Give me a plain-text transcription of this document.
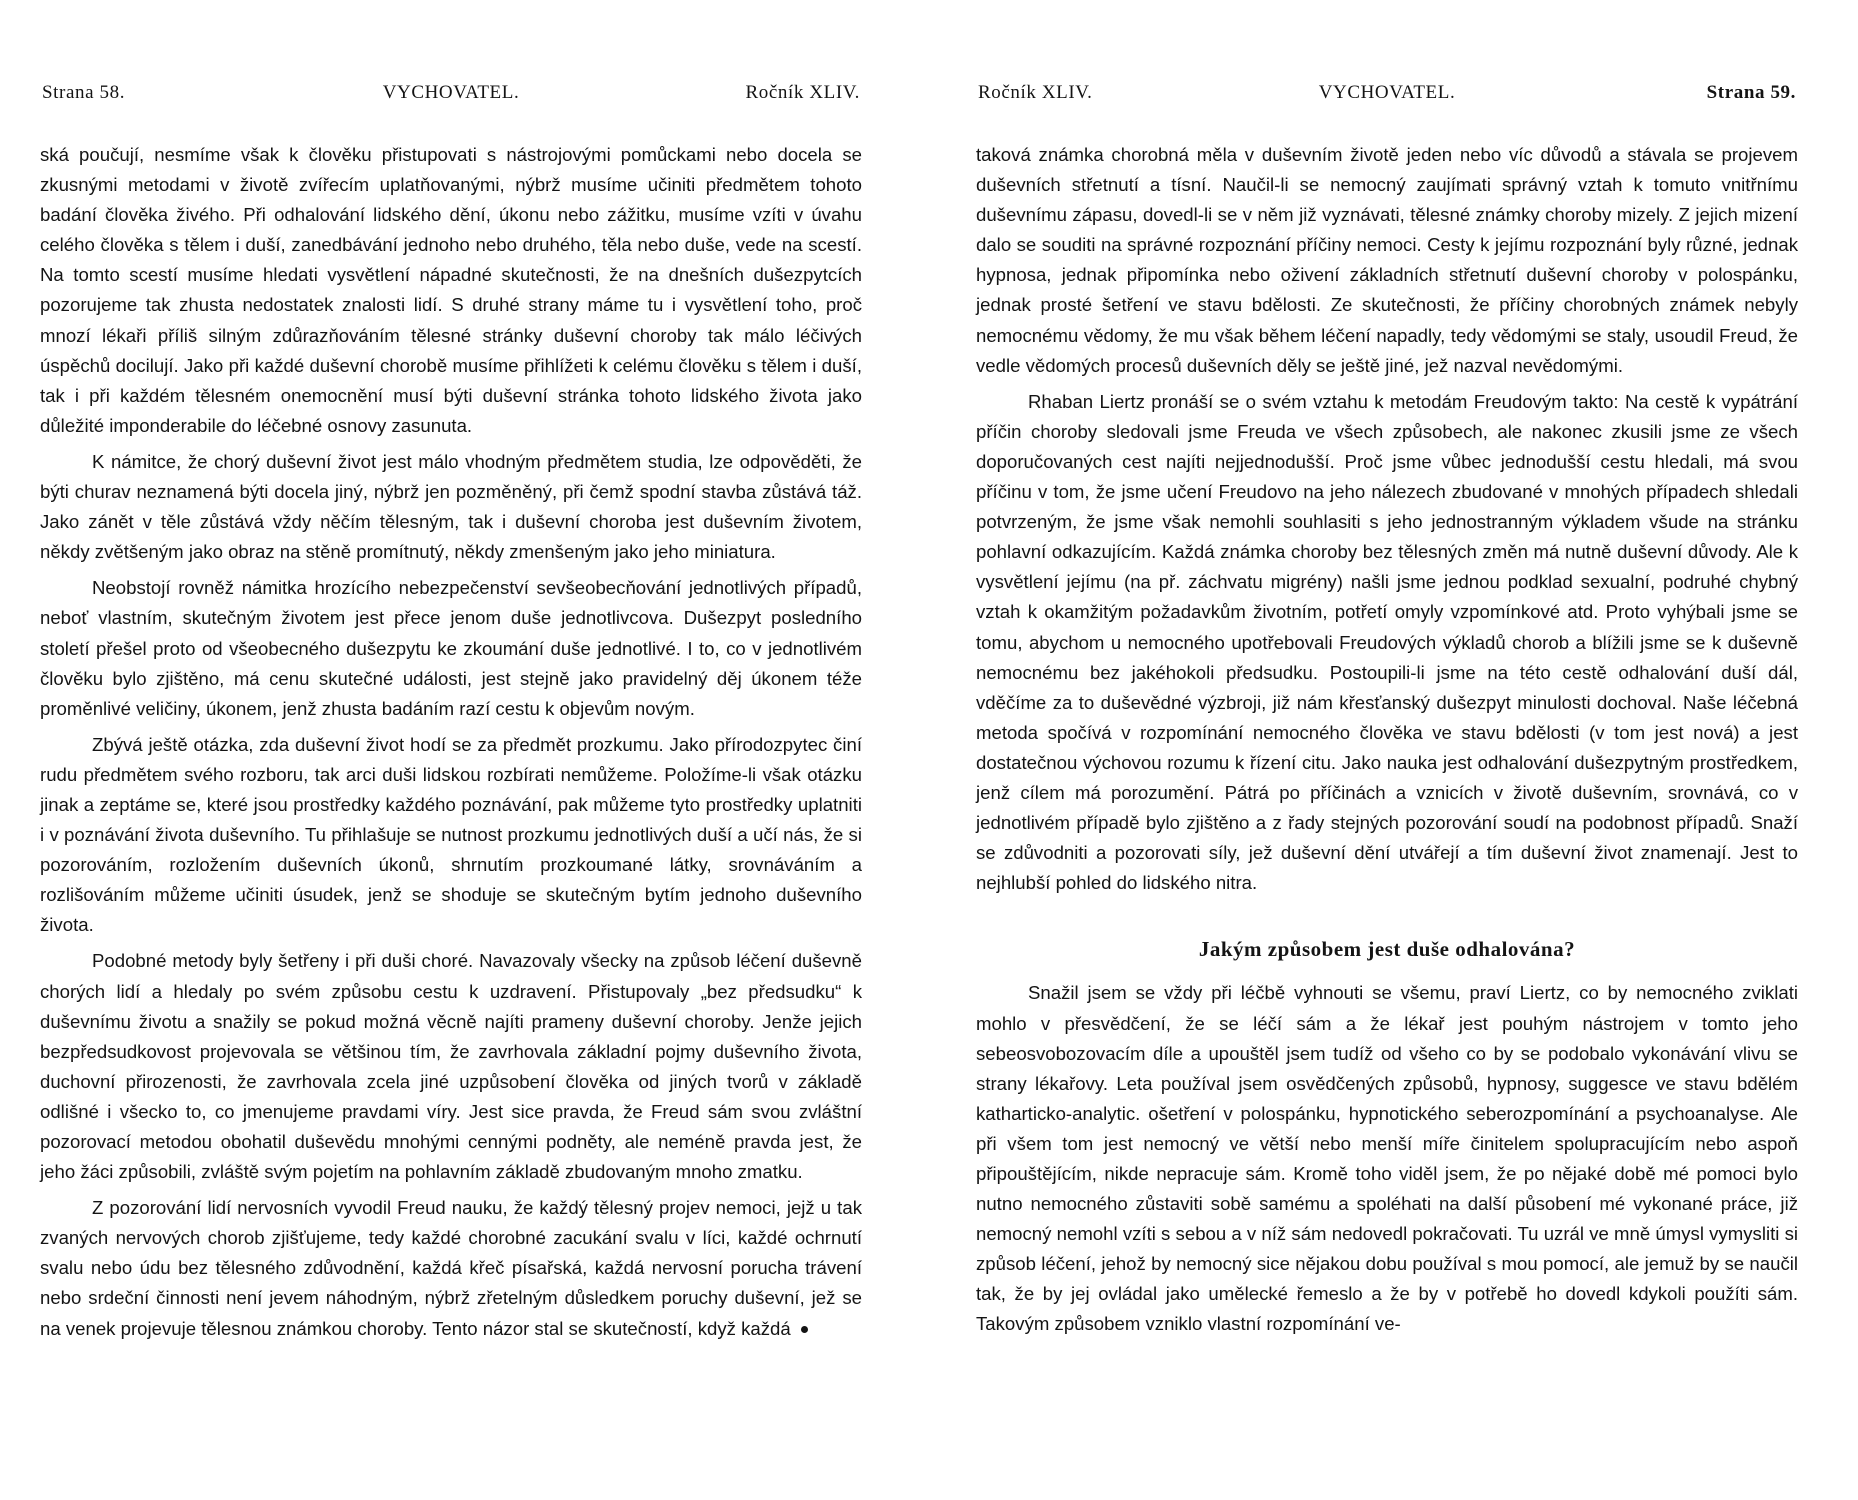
Strana 58.	VYCHOVATEL.	Ročník XLIV.

ská poučují, nesmíme však k člověku přistupovati s nástrojovými pomůckami nebo docela se zkusnými metodami v životě zvířecím uplatňovanými, nýbrž musíme učiniti předmětem tohoto badání člověka živého. Při odhalování lidského dění, úkonu nebo zážitku, musíme vzíti v úvahu celého člověka s tělem i duší, zanedbávání jednoho nebo druhého, těla nebo duše, vede na scestí. Na tomto scestí musíme hledati vysvětlení nápadné skutečnosti, že na dnešních dušezpytcích pozorujeme tak zhusta nedostatek znalosti lidí. S druhé strany máme tu i vysvětlení toho, proč mnozí lékaři příliš silným zdůrazňováním tělesné stránky duševní choroby tak málo léčivých úspěchů docilují. Jako při každé duševní chorobě musíme přihlížeti k celému člověku s tělem i duší, tak i při každém tělesném onemocnění musí býti duševní stránka tohoto lidského života jako důležité imponderabile do léčebné osnovy zasunuta.

K námitce, že chorý duševní život jest málo vhodným předmětem studia, lze odpověděti, že býti churav neznamená býti docela jiný, nýbrž jen pozměněný, při čemž spodní stavba zůstává táž. Jako zánět v těle zůstává vždy něčím tělesným, tak i duševní choroba jest duševním životem, někdy zvětšeným jako obraz na stěně promítnutý, někdy zmenšeným jako jeho miniatura.

Neobstojí rovněž námitka hrozícího nebezpečenství sevšeobecňování jednotlivých případů, neboť vlastním, skutečným životem jest přece jenom duše jednotlivcova. Dušezpyt posledního století přešel proto od všeobecného dušezpytu ke zkoumání duše jednotlivé. I to, co v jednotlivém člověku bylo zjištěno, má cenu skutečné události, jest stejně jako pravidelný děj úkonem téže proměnlivé veličiny, úkonem, jenž zhusta badáním razí cestu k objevům novým.

Zbývá ještě otázka, zda duševní život hodí se za předmět prozkumu. Jako přírodozpytec činí rudu předmětem svého rozboru, tak arci duši lidskou rozbírati nemůžeme. Položíme-li však otázku jinak a zeptáme se, které jsou prostředky každého poznávání, pak můžeme tyto prostředky uplatniti i v poznávání života duševního. Tu přihlašuje se nutnost prozkumu jednotlivých duší a učí nás, že si pozorováním, rozložením duševních úkonů, shrnutím prozkoumané látky, srovnáváním a rozlišováním můžeme učiniti úsudek, jenž se shoduje se skutečným bytím jednoho duševního života.

Podobné metody byly šetřeny i při duši choré. Navazovaly všecky na způsob léčení duševně chorých lidí a hledaly po svém způsobu cestu k uzdravení. Přistupovaly „bez předsudku“ k duševnímu životu a snažily se pokud možná věcně najíti prameny duševní choroby. Jenže jejich bezpředsudkovost projevovala se většinou tím, že zavrhovala základní pojmy duševního života, duchovní přirozenosti, že zavrhovala zcela jiné uzpůsobení člověka od jiných tvorů v základě odlišné i všecko to, co jmenujeme pravdami víry. Jest sice pravda, že Freud sám svou zvláštní pozorovací metodou obohatil duševědu mnohými cennými podněty, ale neméně pravda jest, že jeho žáci způsobili, zvláště svým pojetím na pohlavním základě zbudovaným mnoho zmatku.

Z pozorování lidí nervosních vyvodil Freud nauku, že každý tělesný projev nemoci, jejž u tak zvaných nervových chorob zjišťujeme, tedy každé chorobné zacukání svalu v líci, každé ochrnutí svalu nebo údu bez tělesného zdůvodnění, každá křeč písařská, každá nervosní porucha trávení nebo srdeční činnosti není jevem náhodným, nýbrž zřetelným důsledkem poruchy duševní, jež se na venek projevuje tělesnou známkou choroby. Tento názor stal se skutečností, když každá

Ročník XLIV.	VYCHOVATEL.	Strana 59.

taková známka chorobná měla v duševním životě jeden nebo víc důvodů a stávala se projevem duševních střetnutí a tísní. Naučil-li se nemocný zaujímati správný vztah k tomuto vnitřnímu duševnímu zápasu, dovedl-li se v něm již vyznávati, tělesné známky choroby mizely. Z jejich mizení dalo se souditi na správné rozpoznání příčiny nemoci. Cesty k jejímu rozpoznání byly různé, jednak hypnosa, jednak připomínka nebo oživení základních střetnutí duševní choroby v polospánku, jednak prosté šetření ve stavu bdělosti. Ze skutečnosti, že příčiny chorobných známek nebyly nemocnému vědomy, že mu však během léčení napadly, tedy vědomými se staly, usoudil Freud, že vedle vědomých procesů duševních děly se ještě jiné, jež nazval nevědomými.

Rhaban Liertz pronáší se o svém vztahu k metodám Freudovým takto: Na cestě k vypátrání příčin choroby sledovali jsme Freuda ve všech způsobech, ale nakonec zkusili jsme ze všech doporučovaných cest najíti nejjednodušší. Proč jsme vůbec jednodušší cestu hledali, má svou příčinu v tom, že jsme učení Freudovo na jeho nálezech zbudované v mnohých případech shledali potvrzeným, že jsme však nemohli souhlasiti s jeho jednostranným výkladem všude na stránku pohlavní odkazujícím. Každá známka choroby bez tělesných změn má nutně duševní důvody. Ale k vysvětlení jejímu (na př. záchvatu migrény) našli jsme jednou podklad sexualní, podruhé chybný vztah k okamžitým požadavkům životním, potřetí omyly vzpomínkové atd. Proto vyhýbali jsme se tomu, abychom u nemocného upotřebovali Freudových výkladů chorob a blížili jsme se k duševně nemocnému bez jakéhokoli předsudku. Postoupili-li jsme na této cestě odhalování duší dál, vděčíme za to duševědné výzbroji, již nám křesťanský dušezpyt minulosti dochoval. Naše léčebná metoda spočívá v rozpomínání nemocného člověka ve stavu bdělosti (v tom jest nová) a jest dostatečnou výchovou rozumu k řízení citu. Jako nauka jest odhalování dušezpytným prostředkem, jenž cílem má porozumění. Pátrá po příčinách a vznicích v životě duševním, srovnává, co v jednotlivém případě bylo zjištěno a z řady stejných pozorování soudí na podobnost případů. Snaží se zdůvodniti a pozorovati síly, jež duševní dění utvářejí a tím duševní život znamenají. Jest to nejhlubší pohled do lidského nitra.

Jakým způsobem jest duše odhalována?

Snažil jsem se vždy při léčbě vyhnouti se všemu, praví Liertz, co by nemocného zviklati mohlo v přesvědčení, že se léčí sám a že lékař jest pouhým nástrojem v tomto jeho sebeosvobozovacím díle a upouštěl jsem tudíž od všeho co by se podobalo vykonávání vlivu se strany lékařovy. Leta používal jsem osvědčených způsobů, hypnosy, suggesce ve stavu bdělém katharticko-analytic. ošetření v polospánku, hypnotického seberozpomínání a psychoanalyse. Ale při všem tom jest nemocný ve větší nebo menší míře činitelem spolupracujícím nebo aspoň připouštějícím, nikde nepracuje sám. Kromě toho viděl jsem, že po nějaké době mé pomoci bylo nutno nemocného zůstaviti sobě samému a spoléhati na další působení mé vykonané práce, již nemocný nemohl vzíti s sebou a v níž sám nedovedl pokračovati. Tu uzrál ve mně úmysl vymysliti si způsob léčení, jehož by nemocný sice nějakou dobu používal s mou pomocí, ale jemuž by se naučil tak, že by jej ovládal jako umělecké řemeslo a že by v potřebě ho dovedl kdykoli použíti sám. Takovým způsobem vzniklo vlastní rozpomínání ve-
